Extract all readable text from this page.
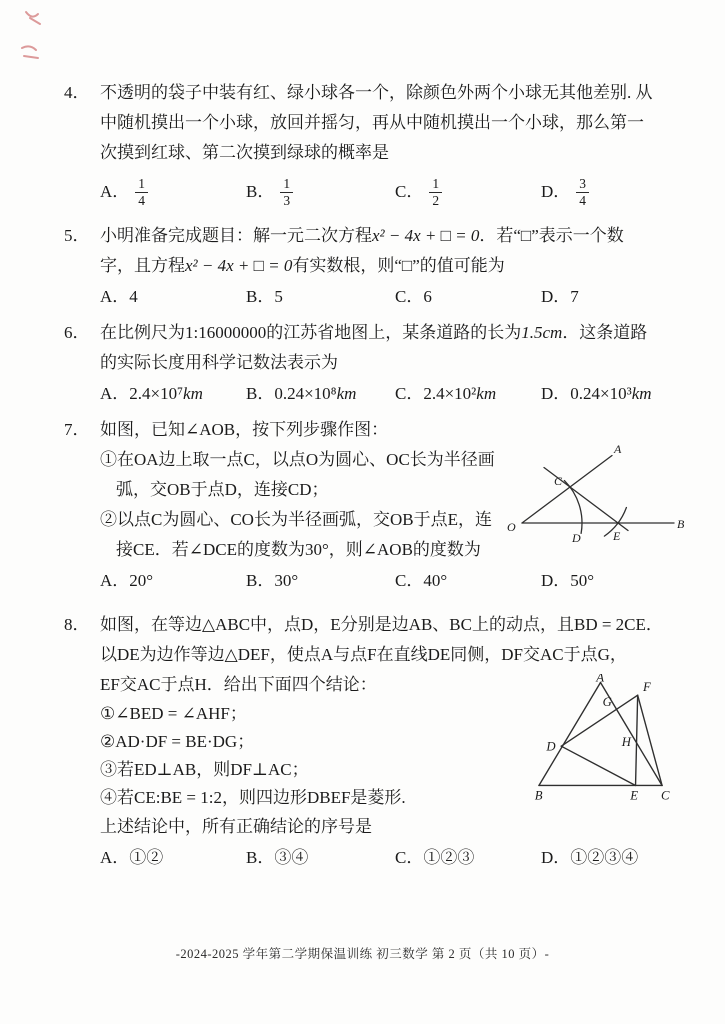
4． 不透明的袋子中装有红、绿小球各一个，除颜色外两个小球无其他差别. 从
中随机摸出一个小球，放回并摇匀，再从中随机摸出一个小球，那么第一
次摸到红球、第二次摸到绿球的概率是
A． $\frac{1}{4}$	B． $\frac{1}{3}$	C． $\frac{1}{2}$	D． $\frac{3}{4}$
5． 小明准备完成题目：解一元二次方程x² − 4x + □ = 0．若“□”表示一个数
字，且方程x² − 4x + □ = 0有实数根，则“□”的值可能为
A．4	B．5	C．6	D．7
6． 在比例尺为1:16000000的江苏省地图上，某条道路的长为1.5cm．这条道路
的实际长度用科学记数法表示为
A．2.4×10⁷km	B．0.24×10⁸km	C．2.4×10²km	D．0.24×10³km
7． 如图，已知∠AOB，按下列步骤作图：
①在OA边上取一点C，以点O为圆心、OC长为半径画
弧，交OB于点D，连接CD；
②以点C为圆心、CO长为半径画弧，交OB于点E，连
接CE．若∠DCE的度数为30°，则∠AOB的度数为
A
B
C
O
D	E
A．20°	B．30°	C．40°	D．50°
8． 如图，在等边△ABC中，点D，E分别是边AB、BC上的动点，且BD = 2CE．
以DE为边作等边△DEF，使点A与点F在直线DE同侧，DF交AC于点G，
EF交AC于点H．给出下面四个结论：
①∠BED = ∠AHF；
②AD·DF = BE·DG；
③若ED⊥AB，则DF⊥AC；
④若CE:BE = 1:2，则四边形DBEF是菱形.
上述结论中，所有正确结论的序号是
A
B	C
D
E
F
G
H
A．①②	B．③④	C．①②③	D．①②③④
-2024-2025 学年第二学期保温训练 初三数学 第 2 页（共 10 页）-
